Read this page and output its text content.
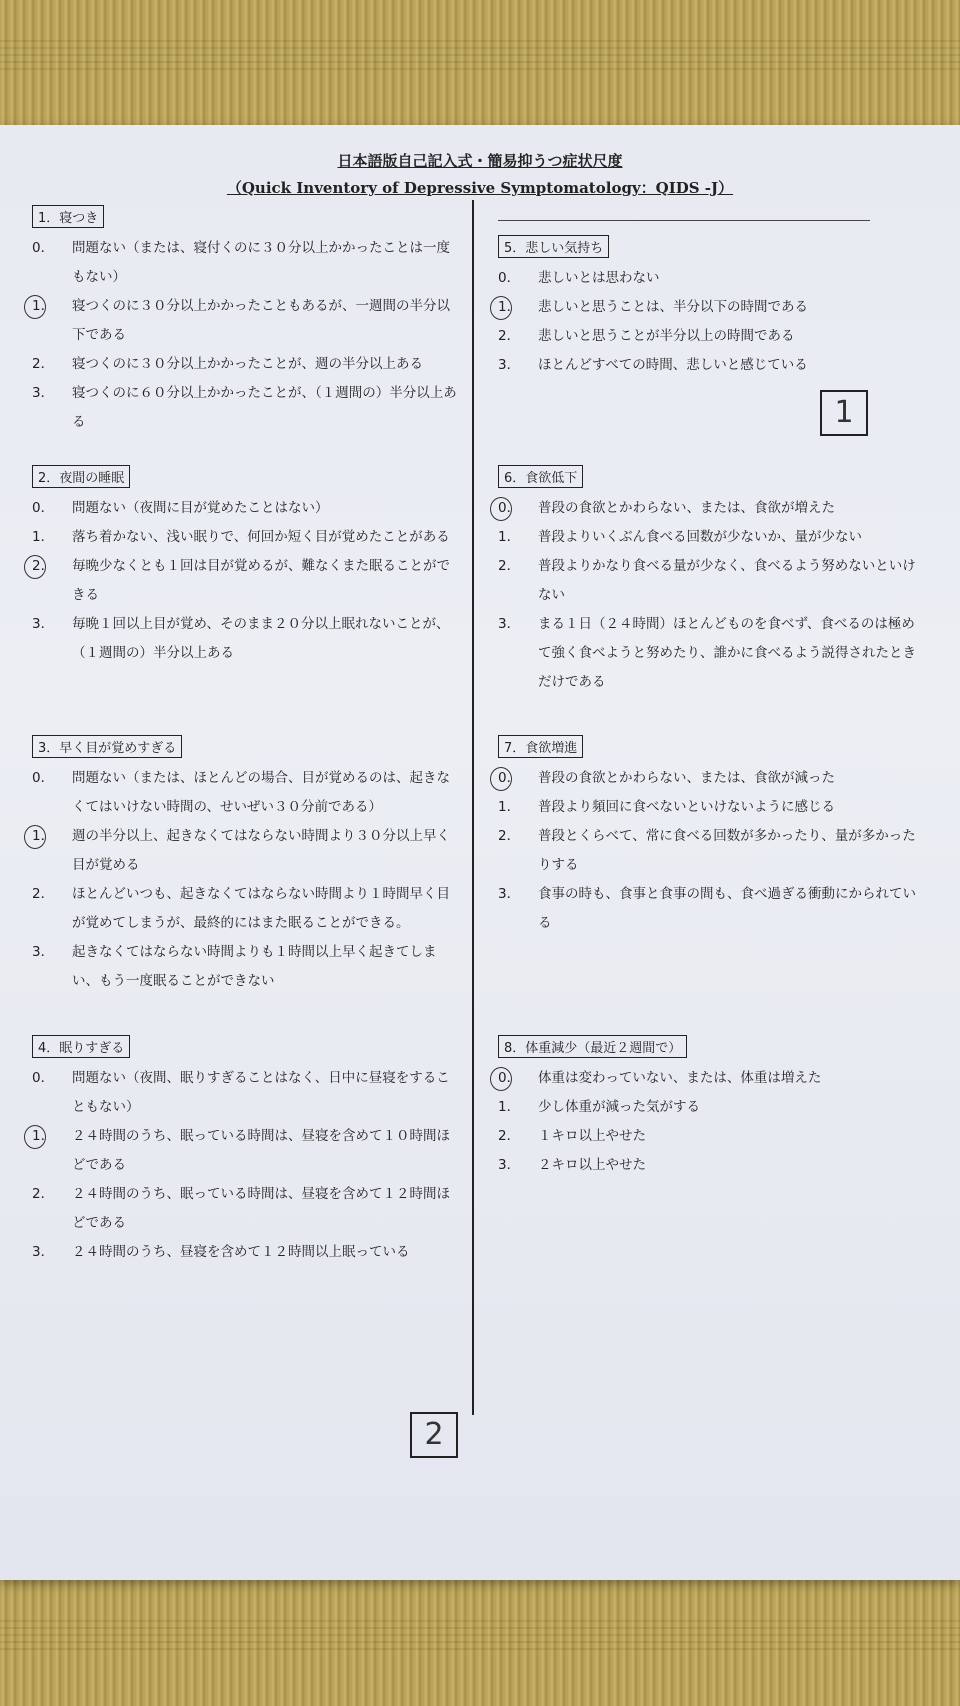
日本語版自己記入式・簡易抑うつ症状尺度
（Quick Inventory of Depressive Symptomatology：QIDS -J）
1．寝つき
0．	問題ない（または、寝付くのに３０分以上かかったことは一度もない）
1．	寝つくのに３０分以上かかったこともあるが、一週間の半分以下である
2．	寝つくのに３０分以上かかったことが、週の半分以上ある
3．	寝つくのに６０分以上かかったことが、（１週間の）半分以上ある
2．夜間の睡眠
0．	問題ない（夜間に目が覚めたことはない）
1．	落ち着かない、浅い眠りで、何回か短く目が覚めたことがある
2．	毎晩少なくとも１回は目が覚めるが、難なくまた眠ることができる
3．	毎晩１回以上目が覚め、そのまま２０分以上眠れないことが、（１週間の）半分以上ある
3．早く目が覚めすぎる
0．	問題ない（または、ほとんどの場合、目が覚めるのは、起きなくてはいけない時間の、せいぜい３０分前である）
1．	週の半分以上、起きなくてはならない時間より３０分以上早く目が覚める
2．	ほとんどいつも、起きなくてはならない時間より１時間早く目が覚めてしまうが、最終的にはまた眠ることができる。
3．	起きなくてはならない時間よりも１時間以上早く起きてしまい、もう一度眠ることができない
4．眠りすぎる
0．	問題ない（夜間、眠りすぎることはなく、日中に昼寝をすることもない）
1．	２４時間のうち、眠っている時間は、昼寝を含めて１０時間ほどである
2．	２４時間のうち、眠っている時間は、昼寝を含めて１２時間ほどである
3．	２４時間のうち、昼寝を含めて１２時間以上眠っている
5．悲しい気持ち
0．	悲しいとは思わない
1．	悲しいと思うことは、半分以下の時間である
2．	悲しいと思うことが半分以上の時間である
3．	ほとんどすべての時間、悲しいと感じている
1
6．食欲低下
0．	普段の食欲とかわらない、または、食欲が増えた
1．	普段よりいくぶん食べる回数が少ないか、量が少ない
2．	普段よりかなり食べる量が少なく、食べるよう努めないといけない
3．	まる１日（２４時間）ほとんどものを食べず、食べるのは極めて強く食べようと努めたり、誰かに食べるよう説得されたときだけである
7．食欲増進
0．	普段の食欲とかわらない、または、食欲が減った
1．	普段より頻回に食べないといけないように感じる
2．	普段とくらべて、常に食べる回数が多かったり、量が多かったりする
3．	食事の時も、食事と食事の間も、食べ過ぎる衝動にかられている
8．体重減少（最近２週間で）
0．	体重は変わっていない、または、体重は増えた
1．	少し体重が減った気がする
2．	１キロ以上やせた
3．	２キロ以上やせた
2
